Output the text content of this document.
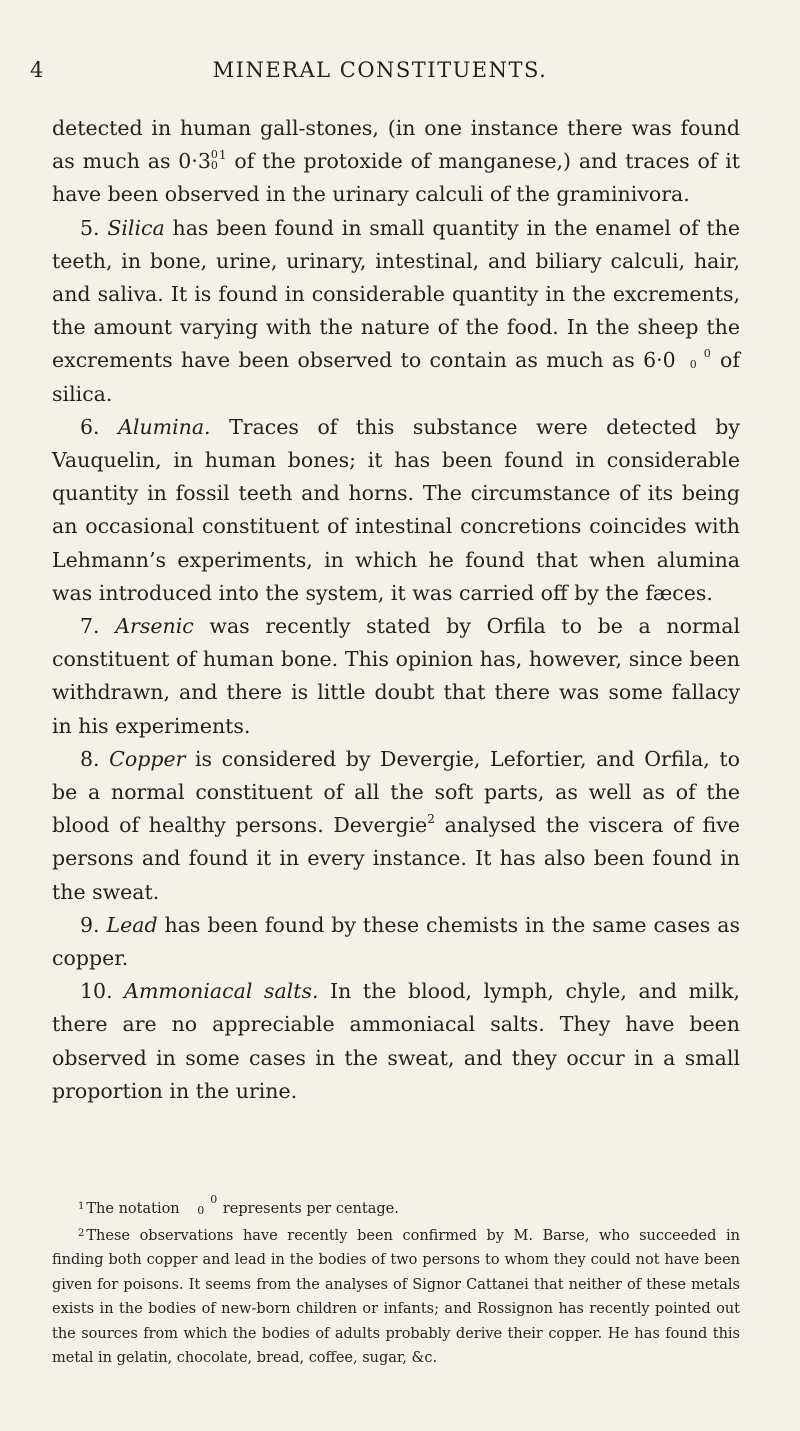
4	MINERAL CONSTITUENTS.

detected in human gall-stones, (in one instance there was found as much as 0·30
$0^1$ of the protoxide of manganese,) and traces of it have been observed in the urinary calculi of the graminivora.

5. Silica has been found in small quantity in the enamel of the teeth, in bone, urine, urinary, intestinal, and biliary calculi, hair, and saliva. It is found in considerable quantity in the excrements, the amount varying with the nature of the food. In the sheep the excrements have been observed to contain as much as 6·0	0
0 of silica.

6. Alumina. Traces of this substance were detected by Vauquelin, in human bones; it has been found in considerable quantity in fossil teeth and horns. The circumstance of its being an occasional constituent of intestinal concretions coincides with Lehmann’s experiments, in which he found that when alumina was introduced into the system, it was carried off by the fæces.

7. Arsenic was recently stated by Orfila to be a normal constituent of human bone. This opinion has, however, since been withdrawn, and there is little doubt that there was some fallacy in his experiments.

8. Copper is considered by Devergie, Lefortier, and Orfila, to be a normal constituent of all the soft parts, as well as of the blood of healthy persons. Devergie$^2$ analysed the viscera of five persons and found it in every instance. It has also been found in the sweat.

9. Lead has been found by these chemists in the same cases as copper.

10. Ammoniacal salts. In the blood, lymph, chyle, and milk, there are no appreciable ammoniacal salts. They have been observed in some cases in the sweat, and they occur in a small proportion in the urine.

$^1$ The notation 0
0 represents per centage.

$^2$ These observations have recently been confirmed by M. Barse, who succeeded in finding both copper and lead in the bodies of two persons to whom they could not have been given for poisons. It seems from the analyses of Signor Cattanei that neither of these metals exists in the bodies of new-born children or infants; and Rossignon has recently pointed out the sources from which the bodies of adults probably derive their copper. He has found this metal in gelatin, chocolate, bread, coffee, sugar, &c.
